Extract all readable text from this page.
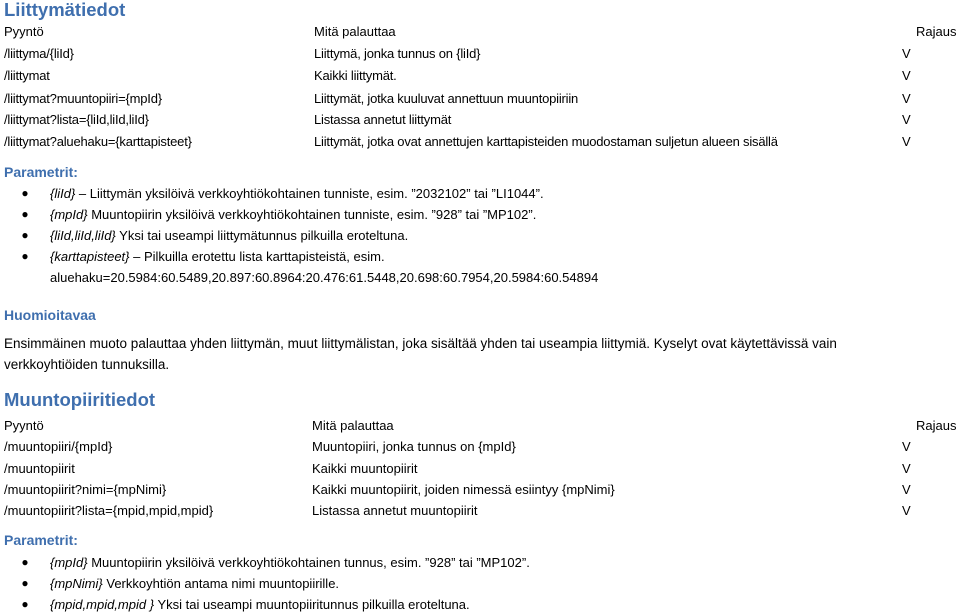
Liittymätiedot
Pyyntö	Mitä palauttaa	Rajaus
/liittyma/{liId}	Liittymä, jonka tunnus on {liId}	V
/liittymat	Kaikki liittymät.	V
/liittymat?muuntopiiri={mpId}	Liittymät, jotka kuuluvat annettuun muuntopiiriin	V
/liittymat?lista={liId,liId,liId}	Listassa annetut liittymät	V
/liittymat?aluehaku={karttapisteet}	Liittymät, jotka ovat annettujen karttapisteiden muodostaman suljetun alueen sisällä	V
Parametrit:
● {liId} – Liittymän yksilöivä verkkoyhtiökohtainen tunniste, esim. ”2032102” tai ”LI1044”.
● {mpId} Muuntopiirin yksilöivä verkkoyhtiökohtainen tunniste, esim. ”928” tai ”MP102”.
● {liId,liId,liId} Yksi tai useampi liittymätunnus pilkuilla eroteltuna.
● {karttapisteet} – Pilkuilla erotettu lista karttapisteistä, esim.
aluehaku=20.5984:60.5489,20.897:60.8964:20.476:61.5448,20.698:60.7954,20.5984:60.54894
Huomioitavaa
Ensimmäinen muoto palauttaa yhden liittymän, muut liittymälistan, joka sisältää yhden tai useampia liittymiä. Kyselyt ovat käytettävissä vain verkkoyhtiöiden tunnuksilla.
Muuntopiiritiedot
Pyyntö	Mitä palauttaa	Rajaus
/muuntopiiri/{mpId}	Muuntopiiri, jonka tunnus on {mpId}	V
/muuntopiirit	Kaikki muuntopiirit	V
/muuntopiirit?nimi={mpNimi}	Kaikki muuntopiirit, joiden nimessä esiintyy {mpNimi}	V
/muuntopiirit?lista={mpid,mpid,mpid}	Listassa annetut muuntopiirit	V
Parametrit:
● {mpId} Muuntopiirin yksilöivä verkkoyhtiökohtainen tunnus, esim. ”928” tai ”MP102”.
● {mpNimi} Verkkoyhtiön antama nimi muuntopiirille.
● {mpid,mpid,mpid } Yksi tai useampi muuntopiiritunnus pilkuilla eroteltuna.
